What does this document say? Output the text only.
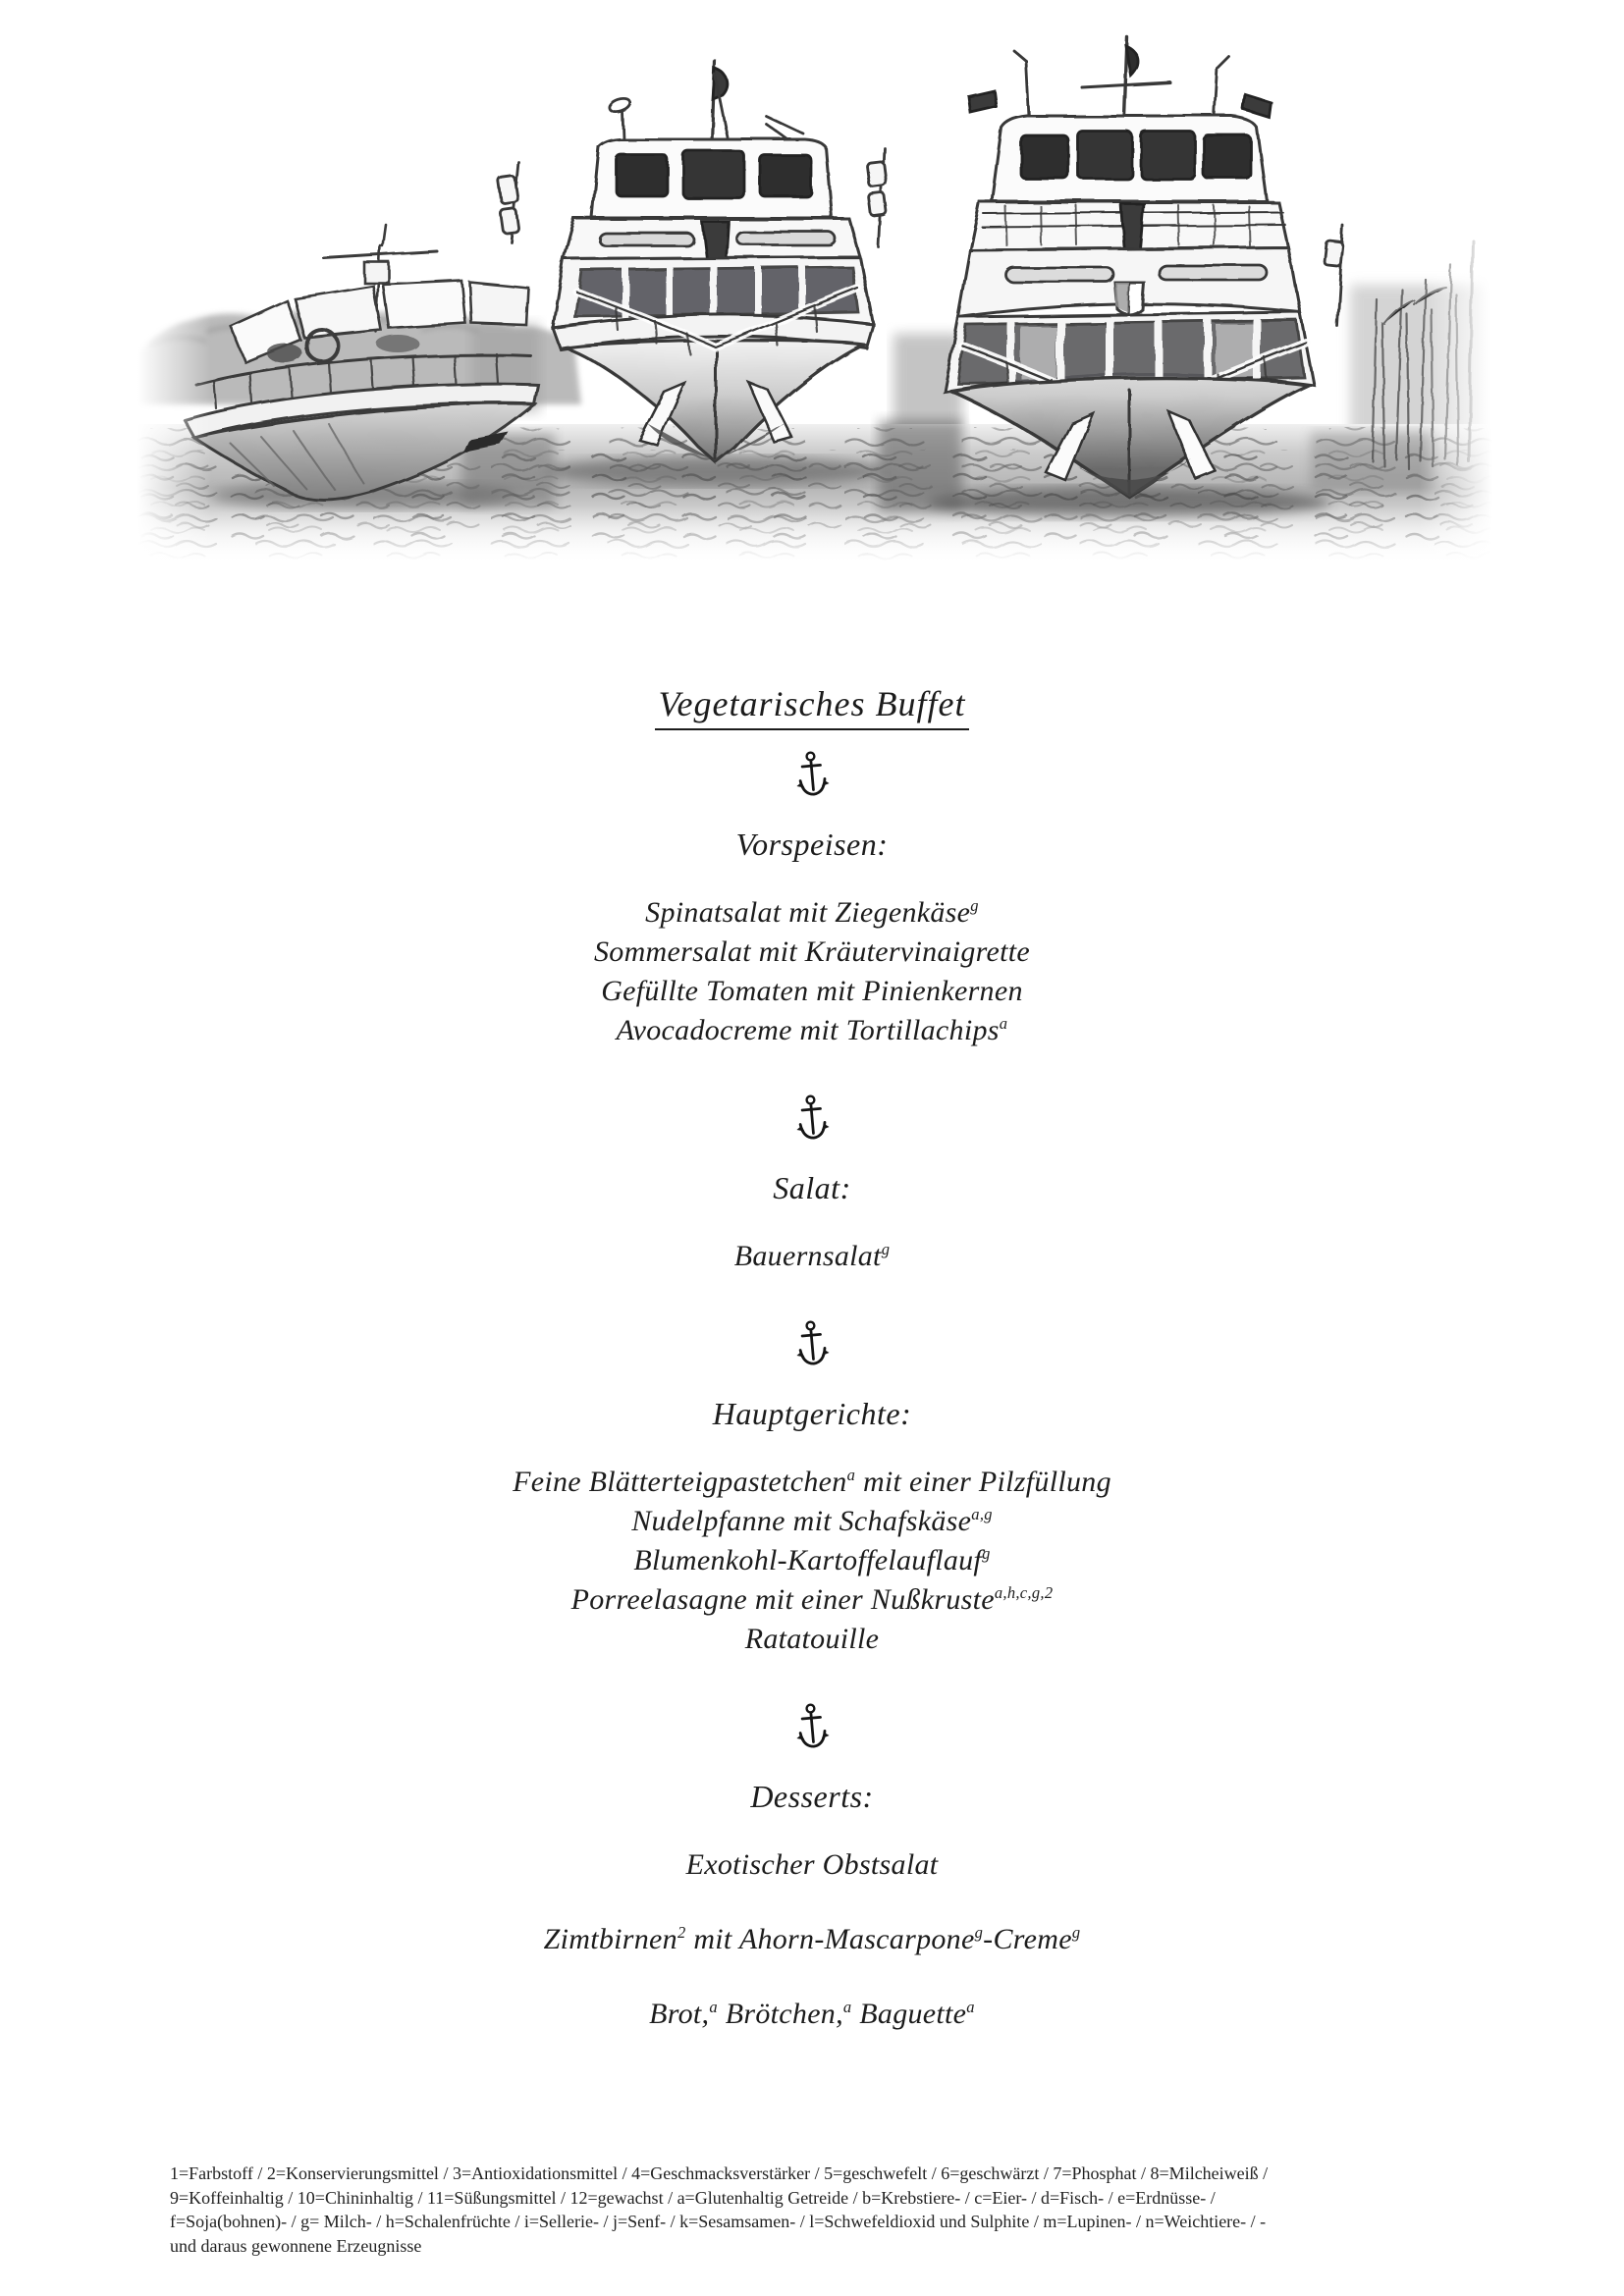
Vegetarisches Buffet
Vorspeisen:
Spinatsalat mit Ziegenkäse$^g$
Sommersalat mit Kräutervinaigrette
Gefüllte Tomaten mit Pinienkernen
Avocadocreme mit Tortillachips$^a$
Salat:
Bauernsalat$^g$
Hauptgerichte:
Feine Blätterteigpastetchen$^a$ mit einer Pilzfüllung
Nudelpfanne mit Schafskäse$^{a,g}$
Blumenkohl-Kartoffelauflauf$^g$
Porreelasagne mit einer Nußkruste$^{a,h,c,g,2}$
Ratatouille
Desserts:
Exotischer Obstsalat
Zimtbirnen$^2$ mit Ahorn-Mascarpone$^g$-Creme$^g$
Brot,$^a$ Brötchen,$^a$ Baguette$^a$
1=Farbstoff / 2=Konservierungsmittel / 3=Antioxidationsmittel / 4=Geschmacksverstärker / 5=geschwefelt / 6=geschwärzt / 7=Phosphat / 8=Milcheiweiß /
9=Koffeinhaltig / 10=Chininhaltig / 11=Süßungsmittel / 12=gewachst / a=Glutenhaltig Getreide / b=Krebstiere- / c=Eier- / d=Fisch- / e=Erdnüsse- /
f=Soja(bohnen)- / g= Milch- / h=Schalenfrüchte / i=Sellerie- / j=Senf- / k=Sesamsamen- / l=Schwefeldioxid und Sulphite / m=Lupinen- / n=Weichtiere- / -
und daraus gewonnene Erzeugnisse
